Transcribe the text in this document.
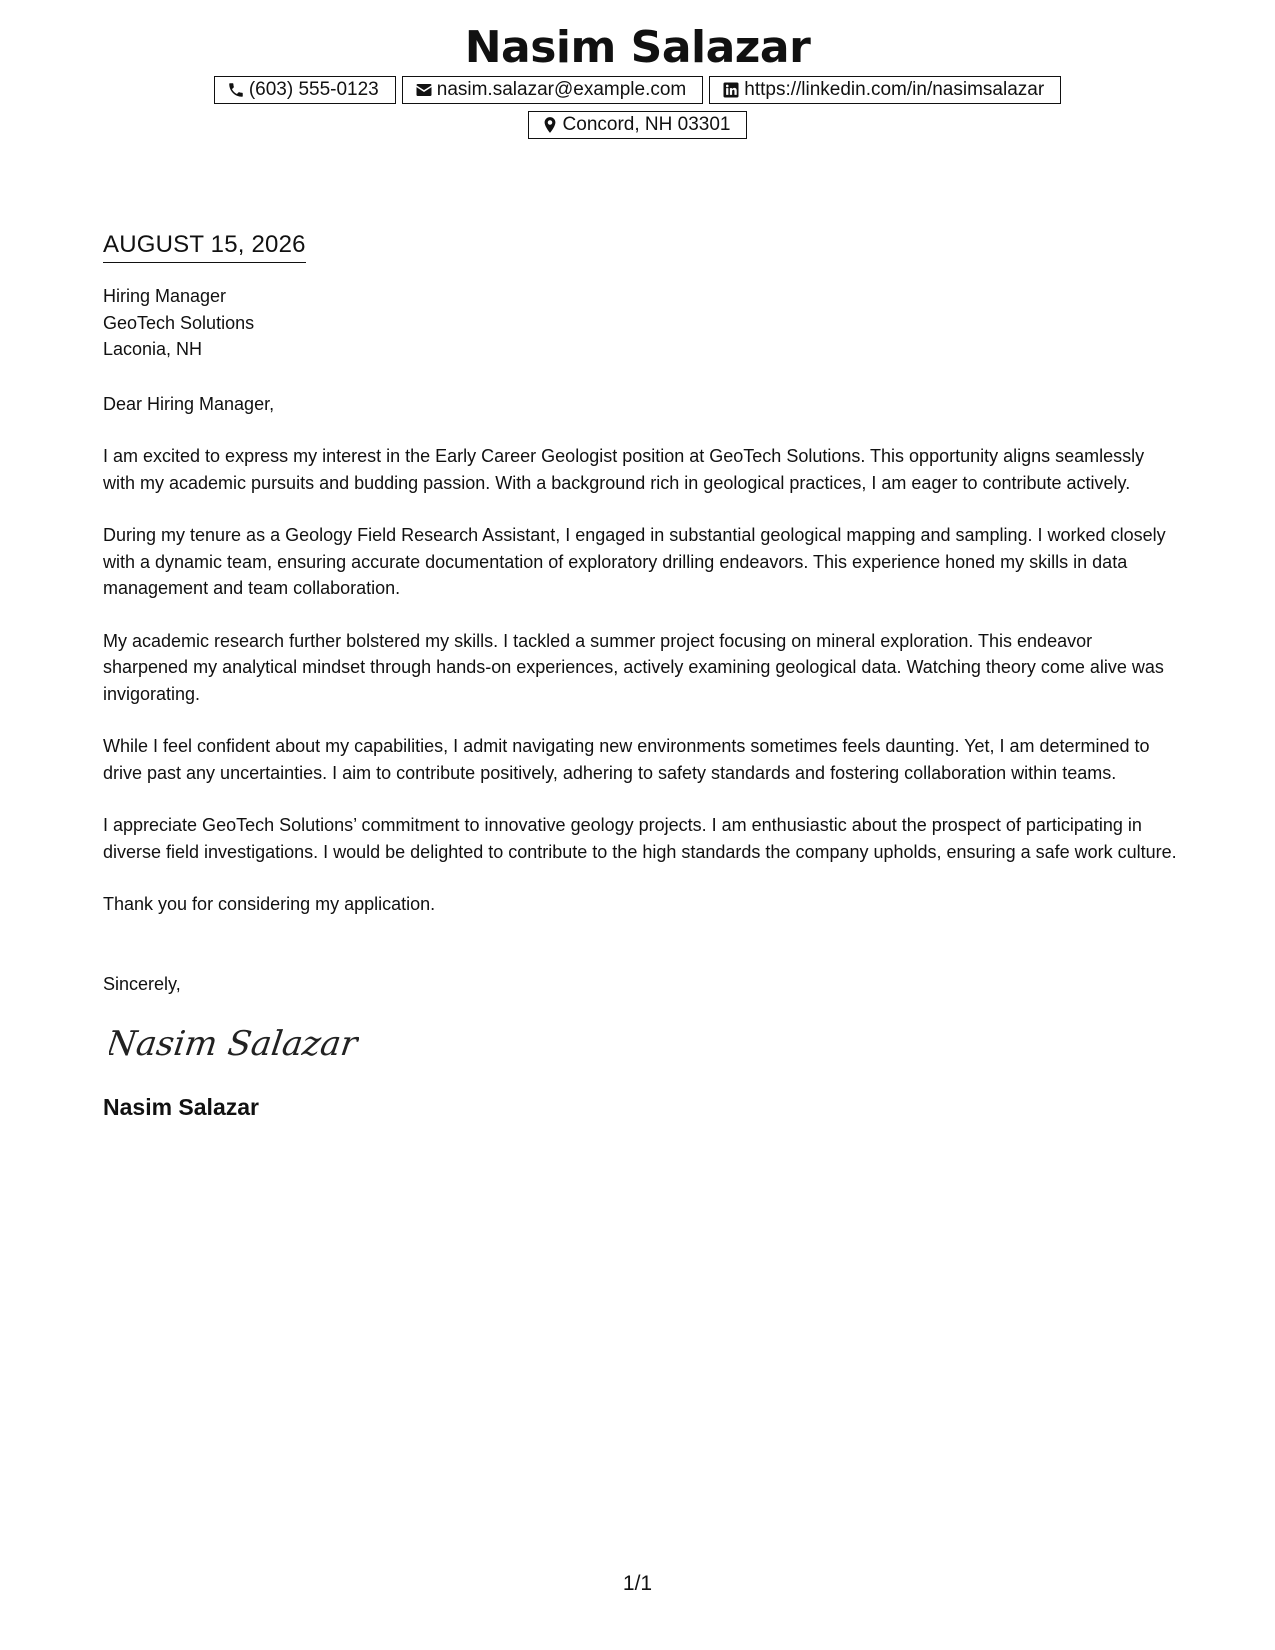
Nasim Salazar
(603) 555-0123	nasim.salazar@example.com	https://linkedin.com/in/nasimsalazar
Concord, NH 03301
AUGUST 15, 2026
Hiring Manager
GeoTech Solutions
Laconia, NH
Dear Hiring Manager,

I am excited to express my interest in the Early Career Geologist position at GeoTech Solutions. This opportunity aligns seamlessly with my academic pursuits and budding passion. With a background rich in geological practices, I am eager to contribute actively.

During my tenure as a Geology Field Research Assistant, I engaged in substantial geological mapping and sampling. I worked closely with a dynamic team, ensuring accurate documentation of exploratory drilling endeavors. This experience honed my skills in data management and team collaboration.

My academic research further bolstered my skills. I tackled a summer project focusing on mineral exploration. This endeavor sharpened my analytical mindset through hands-on experiences, actively examining geological data. Watching theory come alive was invigorating.

While I feel confident about my capabilities, I admit navigating new environments sometimes feels daunting. Yet, I am determined to drive past any uncertainties. I aim to contribute positively, adhering to safety standards and fostering collaboration within teams.

I appreciate GeoTech Solutions’ commitment to innovative geology projects. I am enthusiastic about the prospect of participating in diverse field investigations. I would be delighted to contribute to the high standards the company upholds, ensuring a safe work culture.

Thank you for considering my application.

Sincerely,
Nasim Salazar
Nasim Salazar
1/1
